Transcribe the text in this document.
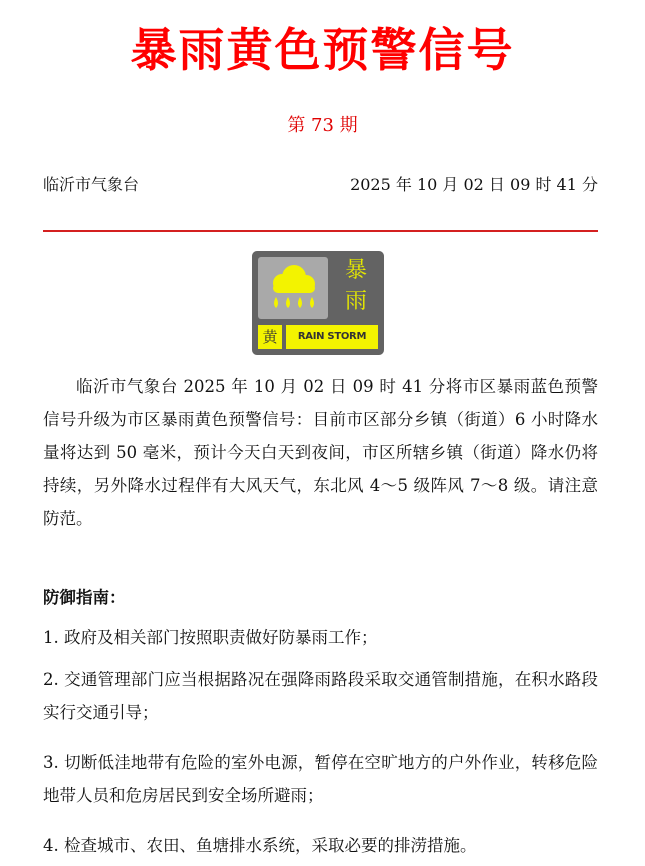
暴雨黄色预警信号
第 73 期
临沂市气象台	2025 年 10 月 02 日 09 时 41 分
暴
雨
黄	RAIN STORM

临沂市气象台 2025 年 10 月 02 日 09 时 41 分将市区暴雨蓝色预警信号升级为市区暴雨黄色预警信号：目前市区部分乡镇（街道）6 小时降水量将达到 50 毫米，预计今天白天到夜间，市区所辖乡镇（街道）降水仍将持续，另外降水过程伴有大风天气，东北风 4～5 级阵风 7～8 级。请注意防范。

防御指南：

1. 政府及相关部门按照职责做好防暴雨工作；

2. 交通管理部门应当根据路况在强降雨路段采取交通管制措施，在积水路段实行交通引导；

3. 切断低洼地带有危险的室外电源，暂停在空旷地方的户外作业，转移危险地带人员和危房居民到安全场所避雨；

4. 检查城市、农田、鱼塘排水系统，采取必要的排涝措施。
